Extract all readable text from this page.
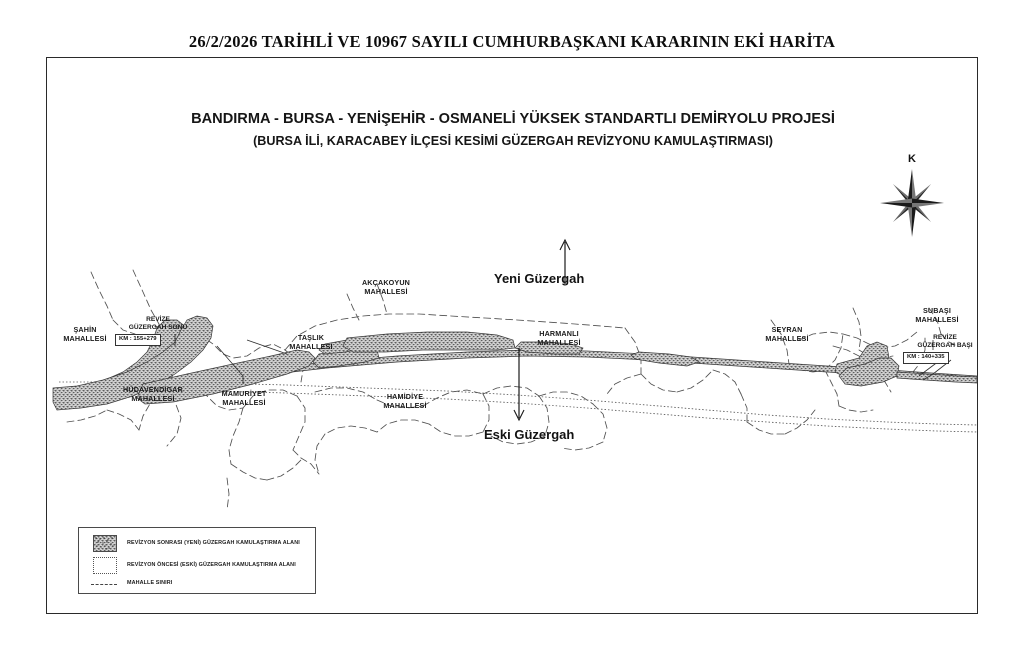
26/2/2026 TARİHLİ VE 10967 SAYILI CUMHURBAŞKANI KARARININ EKİ HARİTA
BANDIRMA - BURSA - YENİŞEHİR - OSMANELİ YÜKSEK STANDARTLI DEMİRYOLU PROJESİ
(BURSA İLİ, KARACABEY İLÇESİ KESİMİ GÜZERGAH REVİZYONU KAMULAŞTIRMASI)
K
ŞAHİN
MAHALLESİ
HÜDAVENDİGAR
MAHALLESİ
MAMURİYET
MAHALLESİ
TAŞLIK
MAHALLESİ
AKÇAKOYUN
MAHALLESİ
HAMİDİYE
MAHALLESİ
HARMANLI
MAHALLESİ
SEYRAN
MAHALLESİ
SUBAŞI
MAHALLESİ
REVİZE
GÜZERGAH SONU
KM : 155+279	REVİZE
GÜZERGAH BAŞI
KM : 140+335
Yeni Güzergah
Eski Güzergah
REVİZYON SONRASI (YENİ) GÜZERGAH KAMULAŞTIRMA ALANI
REVİZYON ÖNCESİ (ESKİ) GÜZERGAH KAMULAŞTIRMA ALANI
MAHALLE SINIRI
